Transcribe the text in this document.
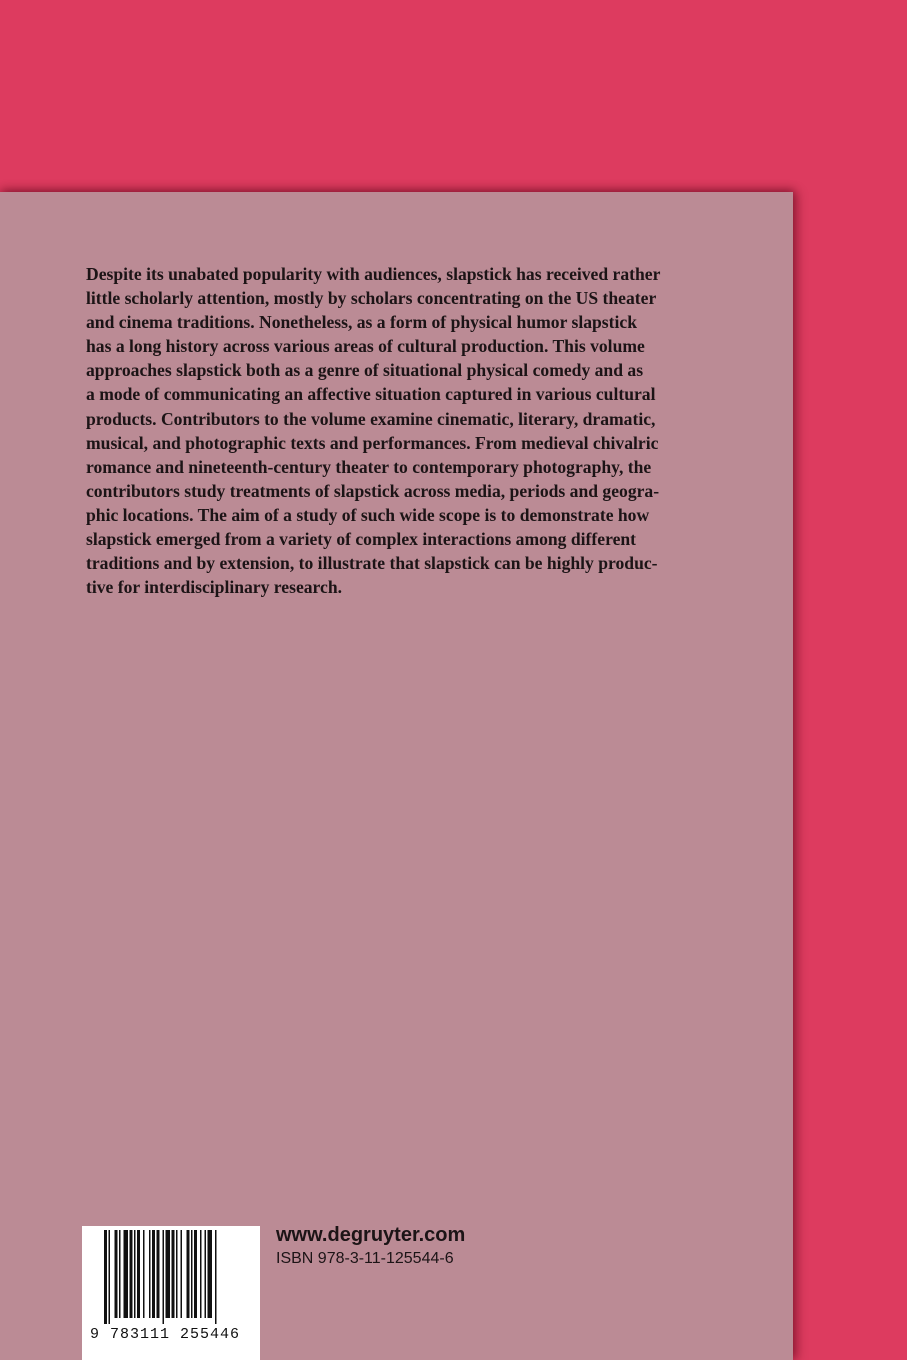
Despite its unabated popularity with audiences, slapstick has received rather
little scholarly attention, mostly by scholars concentrating on the US theater
and cinema traditions. Nonetheless, as a form of physical humor slapstick
has a long history across various areas of cultural production. This volume
approaches slapstick both as a genre of situational physical comedy and as
a mode of communicating an affective situation captured in various cultural
products. Contributors to the volume examine cinematic, literary, dramatic,
musical, and photographic texts and performances. From medieval chivalric
romance and nineteenth-century theater to contemporary photography, the
contributors study treatments of slapstick across media, periods and geogra-
phic locations. The aim of a study of such wide scope is to demonstrate how
slapstick emerged from a variety of complex interactions among different
traditions and by extension, to illustrate that slapstick can be highly produc-
tive for interdisciplinary research.

9 783111 255446
www.degruyter.com
ISBN 978-3-11-125544-6
